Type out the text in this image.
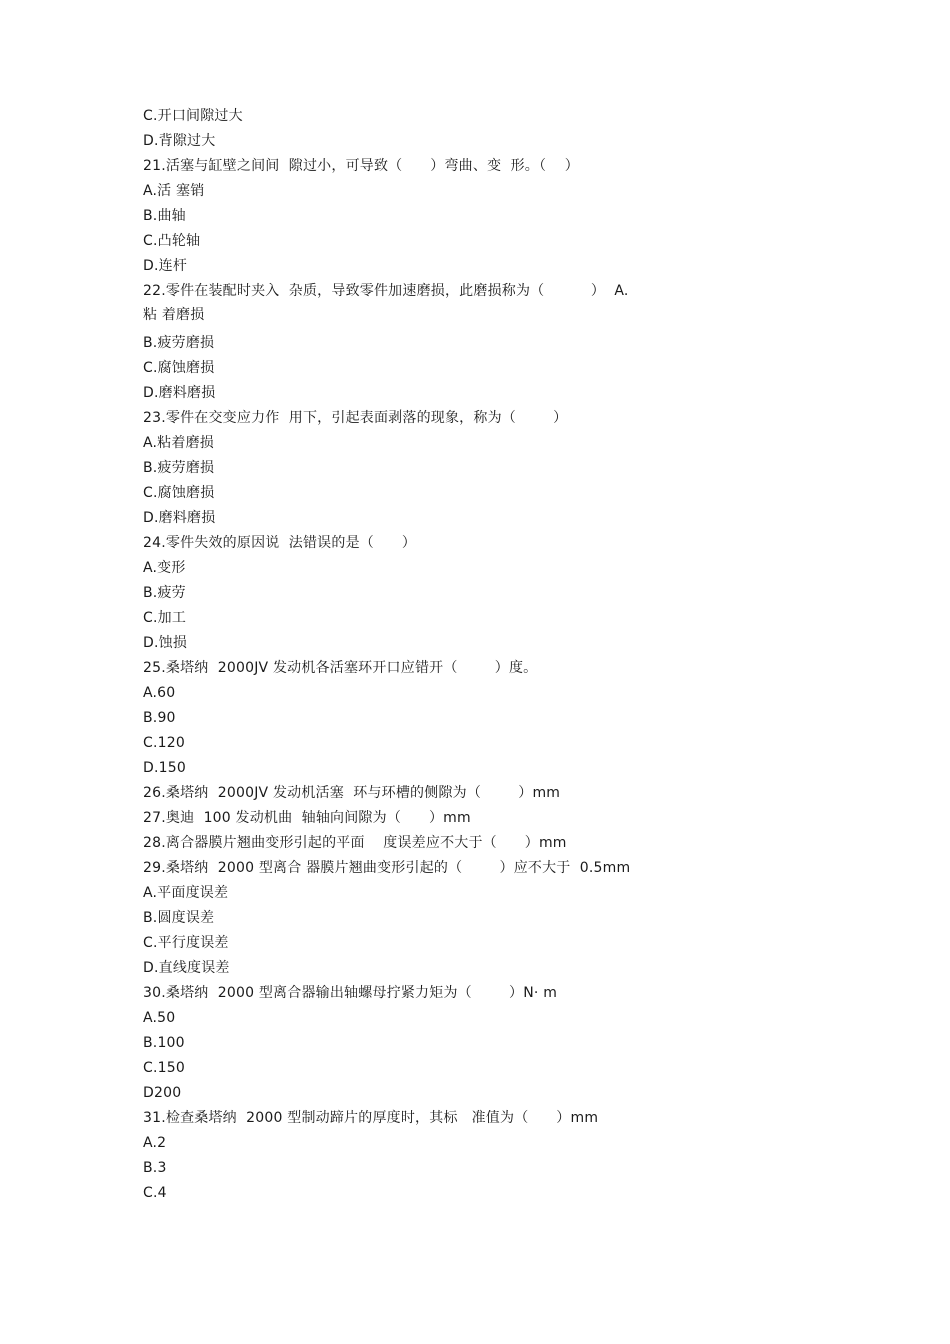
C.开口间隙过大
D.背隙过大
21.活塞与缸壁之间间  隙过小，可导致（      ）弯曲、变  形。（    ）
A.活 塞销
B.曲轴
C.凸轮轴
D.连杆
22.零件在装配时夹入  杂质，导致零件加速磨损，此磨损称为（          ）  A.
粘 着磨损
B.疲劳磨损
C.腐蚀磨损
D.磨料磨损
23.零件在交变应力作  用下，引起表面剥落的现象，称为（        ）
A.粘着磨损
B.疲劳磨损
C.腐蚀磨损
D.磨料磨损
24.零件失效的原因说  法错误的是（      ）
A.变形
B.疲劳
C.加工
D.蚀损
25.桑塔纳  2000JV 发动机各活塞环开口应错开（        ）度。
A.60
B.90
C.120
D.150
26.桑塔纳  2000JV 发动机活塞  环与环槽的侧隙为（        ）mm
27.奥迪  100 发动机曲  轴轴向间隙为（      ）mm
28.离合器膜片翘曲变形引起的平面    度误差应不大于（      ）mm
29.桑塔纳  2000 型离合 器膜片翘曲变形引起的（        ）应不大于  0.5mm
A.平面度误差
B.圆度误差
C.平行度误差
D.直线度误差
30.桑塔纳  2000 型离合器输出轴螺母拧紧力矩为（        ）N· m
A.50
B.100
C.150
D200
31.检查桑塔纳  2000 型制动蹄片的厚度时，其标   准值为（      ）mm
A.2
B.3
C.4
